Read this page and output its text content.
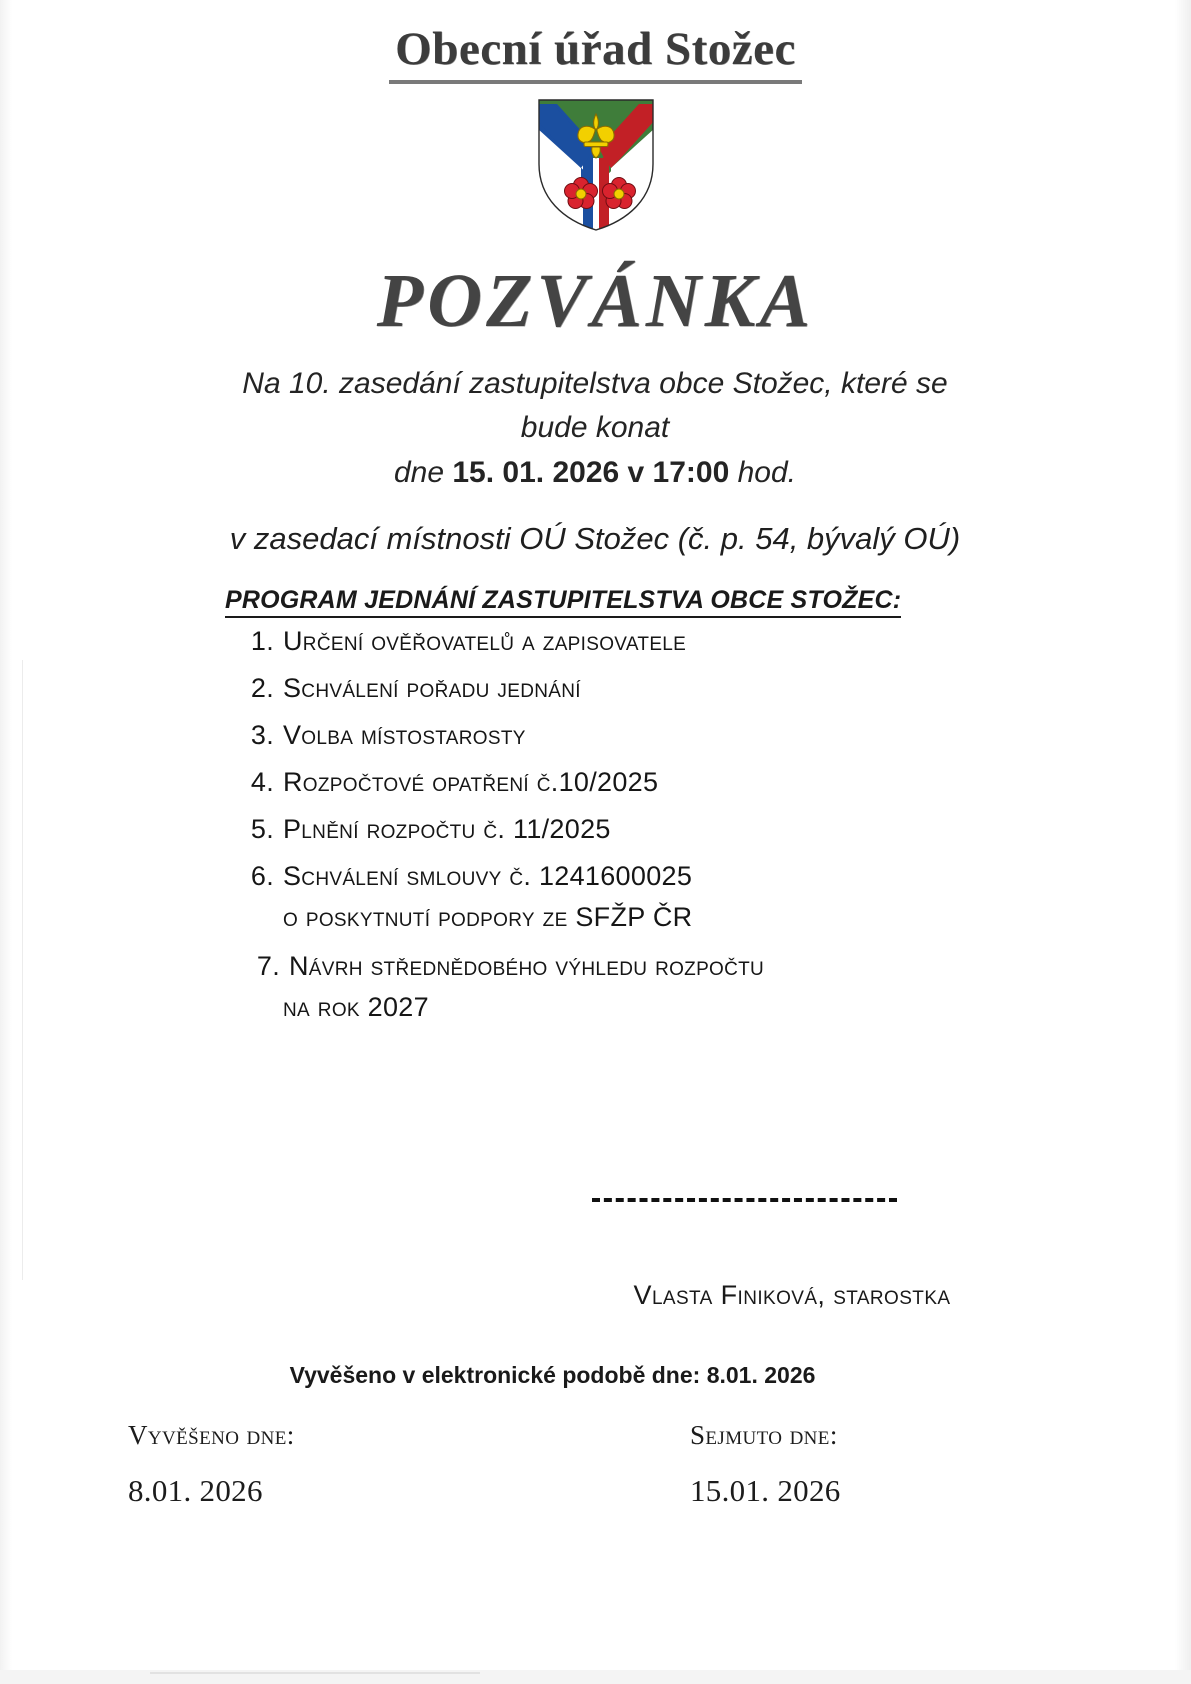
Obecní úřad Stožec
POZVÁNKA
Na 10. zasedání zastupitelstva obce Stožec, které se
bude konat
dne 15. 01. 2026 v 17:00 hod.
v zasedací místnosti OÚ Stožec (č. p. 54, bývalý OÚ)
PROGRAM JEDNÁNÍ ZASTUPITELSTVA OBCE STOŽEC:
1. Určení ověřovatelů a zapisovatele
2. Schválení pořadu jednání
3. Volba místostarosty
4. Rozpočtové opatření č.10/2025
5. Plnění rozpočtu č. 11/2025
6. Schválení smlouvy č. 1241600025
o poskytnutí podpory ze SFŽP ČR
7. Návrh střednědobého výhledu rozpočtu
na rok 2027
Vlasta Finiková, starostka
Vyvěšeno v elektronické podobě dne: 8.01. 2026
Vyvěšeno dne:
8.01. 2026
Sejmuto dne:
15.01. 2026
